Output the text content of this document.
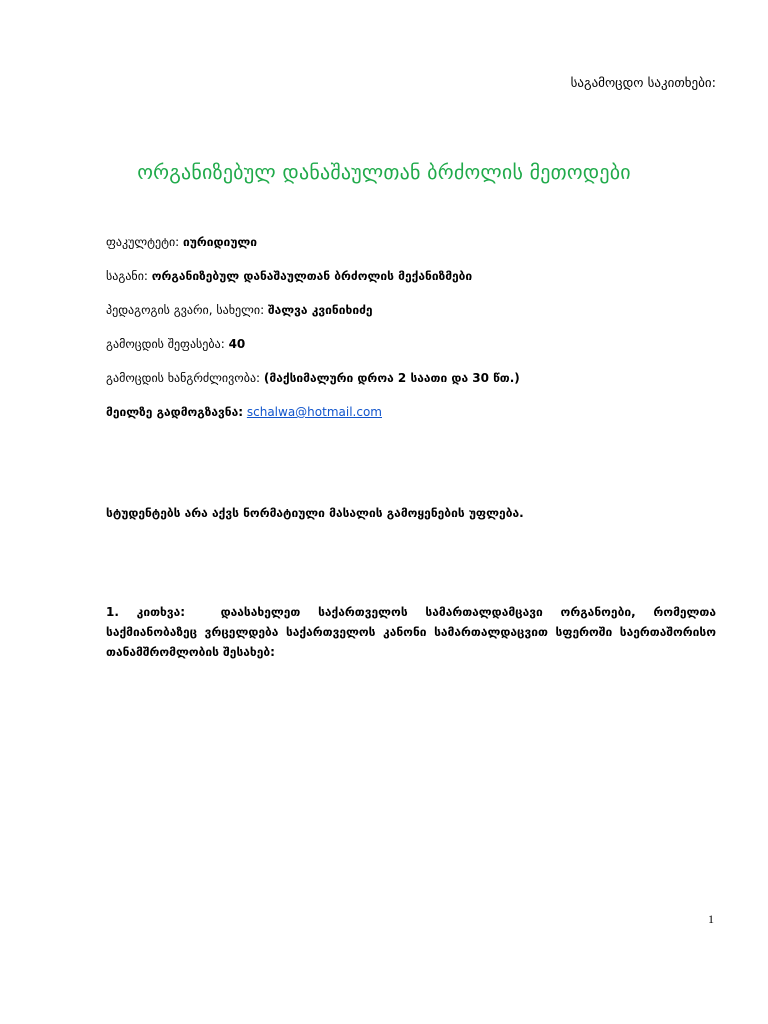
საგამოცდო საკითხები:
ორგანიზებულ დანაშაულთან ბრძოლის მეთოდები
ფაკულტეტი: იურიდიული
საგანი: ორგანიზებულ დანაშაულთან ბრძოლის მექანიზმები
პედაგოგის გვარი, სახელი: შალვა კვინიხიძე
გამოცდის შეფასება: 40
გამოცდის ხანგრძლივობა: (მაქსიმალური დროა 2 საათი და 30 წთ.)
მეილზე გადმოგზავნა: schalwa@hotmail.com
სტუდენტებს არა აქვს ნორმატიული მასალის გამოყენების უფლება.
1. კითხვა:	დაასახელეთ საქართველოს სამართალდამცავი ორგანოები, რომელთა საქმიანობაზეც ვრცელდება საქართველოს კანონი სამართალდაცვით სფეროში საერთაშორისო თანამშრომლობის შესახებ:
1
